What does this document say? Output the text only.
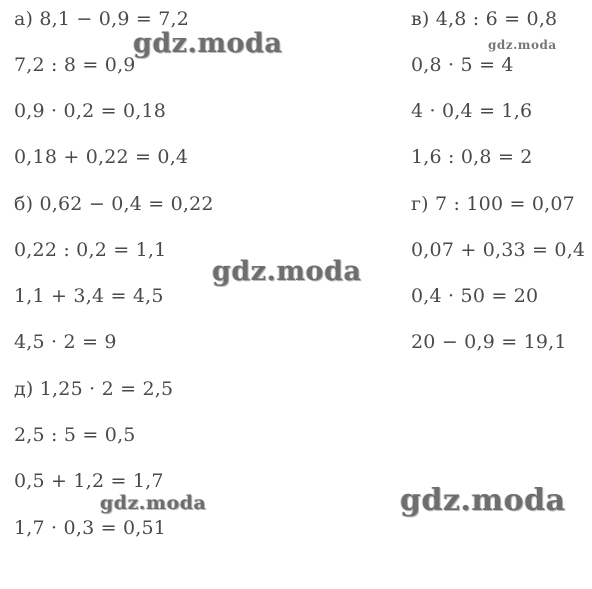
а) 8,1 − 0,9 = 7,2
7,2 : 8 = 0,9
0,9 · 0,2 = 0,18
0,18 + 0,22 = 0,4
б) 0,62 − 0,4 = 0,22
0,22 : 0,2 = 1,1
1,1 + 3,4 = 4,5
4,5 · 2 = 9
д) 1,25 · 2 = 2,5
2,5 : 5 = 0,5
0,5 + 1,2 = 1,7
1,7 · 0,3 = 0,51
в) 4,8 : 6 = 0,8
0,8 · 5 = 4
4 · 0,4 = 1,6
1,6 : 0,8 = 2
г) 7 : 100 = 0,07
0,07 + 0,33 = 0,4
0,4 · 50 = 20
20 − 0,9 = 19,1
gdz.moda	gdz.moda
gdz.moda
gdz.moda	gdz.moda
